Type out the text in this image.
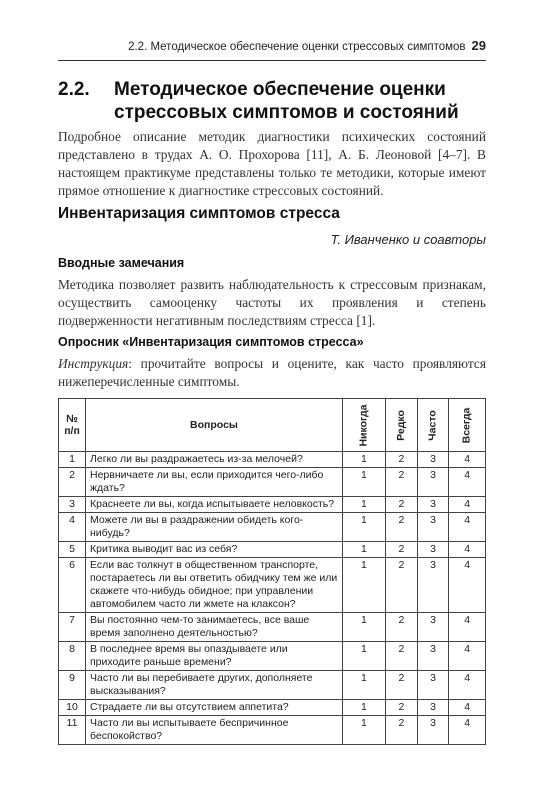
2.2. Методическое обеспечение оценки стрессовых симптомов 29
2.2. Методическое обеспечение оценки стрессовых симптомов и состояний

Подробное описание методик диагностики психических состояний представлено в трудах А. О. Прохорова [11], А. Б. Леоновой [4–7]. В настоящем практикуме представлены только те методики, которые имеют прямое отношение к диагностике стрессовых состояний.

Инвентаризация симптомов стресса
Т. Иванченко и соавторы
Вводные замечания

Методика позволяет развить наблюдательность к стрессовым признакам, осуществить самооценку частоты их проявления и степень подверженности негативным последствиям стресса [1].

Опросник «Инвентаризация симптомов стресса»

Инструкция: прочитайте вопросы и оцените, как часто проявляются нижеперечисленные симптомы.

№ п/п	Вопросы	Никогда	Редко	Часто	Всегда
1	Легко ли вы раздражаетесь из-за мелочей?	1	2	3	4
2	Нервничаете ли вы, если приходится чего-либо ждать?	1	2	3	4
3	Краснеете ли вы, когда испытываете неловкость?	1	2	3	4
4	Можете ли вы в раздражении обидеть кого-нибудь?	1	2	3	4
5	Критика выводит вас из себя?	1	2	3	4
6	Если вас толкнут в общественном транспорте, постараетесь ли вы ответить обидчику тем же или скажете что-нибудь обидное; при управлении автомобилем часто ли жмете на клаксон?	1	2	3	4
7	Вы постоянно чем-то занимаетесь, все ваше время заполнено деятельностью?	1	2	3	4
8	В последнее время вы опаздываете или приходите раньше времени?	1	2	3	4
9	Часто ли вы перебиваете других, дополняете высказывания?	1	2	3	4
10	Страдаете ли вы отсутствием аппетита?	1	2	3	4
11	Часто ли вы испытываете беспричинное беспокойство?	1	2	3	4
